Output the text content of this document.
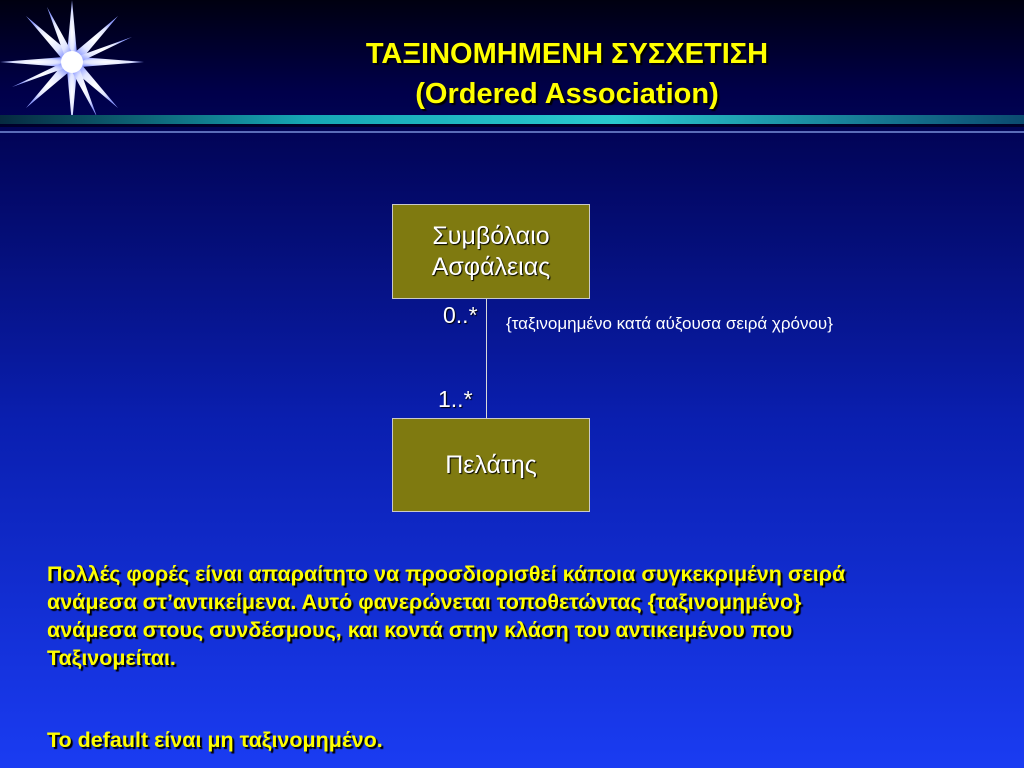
ΤΑΞΙΝΟΜΗΜΕΝΗ ΣΥΣΧΕΤΙΣΗ
(Ordered Association)
Συμβόλαιο
Ασφάλειας
0..*
1..*
{ταξινομημένο κατά αύξουσα σειρά χρόνου}
Πελάτης
Πολλές φορές είναι απαραίτητο να προσδιορισθεί κάποια συγκεκριμένη σειρά
ανάμεσα στ’αντικείμενα. Αυτό φανερώνεται τοποθετώντας {ταξινομημένο}
ανάμεσα στους συνδέσμους, και κοντά στην κλάση του αντικειμένου που
Ταξινομείται.
To default είναι μη ταξινομημένο.
